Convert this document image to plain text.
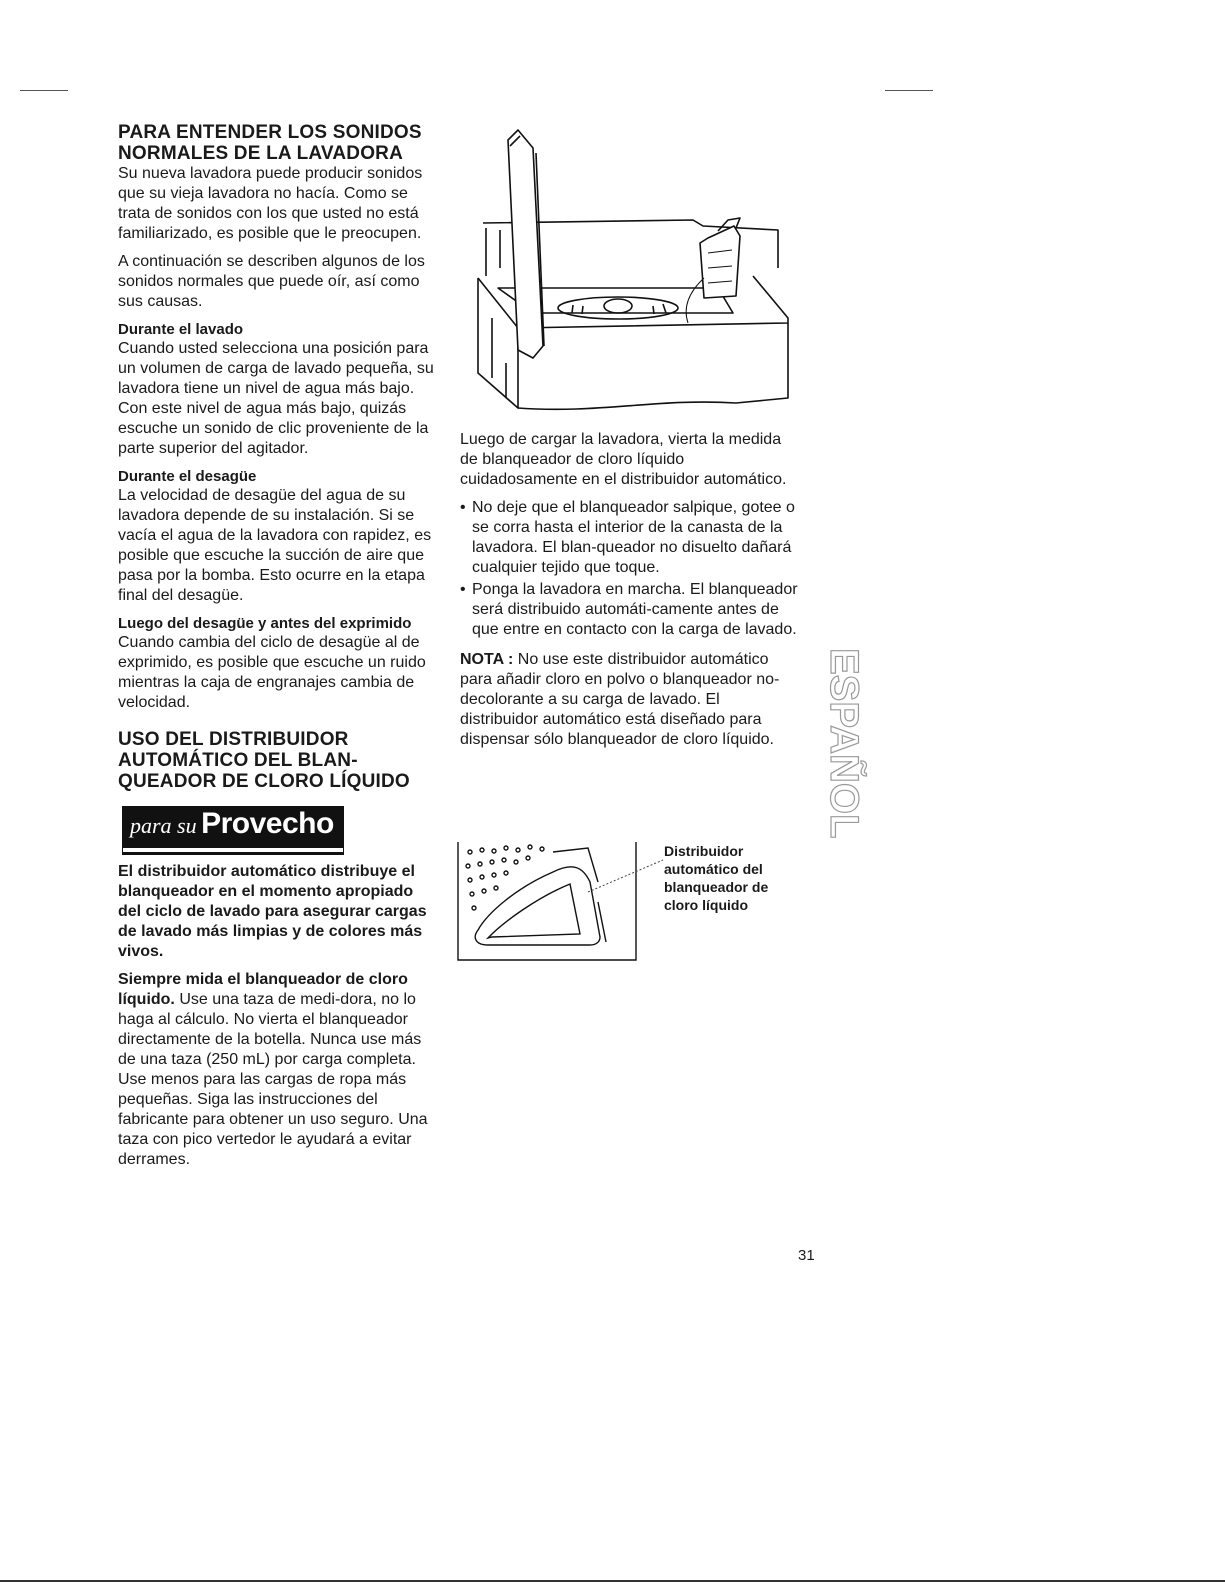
PARA ENTENDER LOS SONIDOS NORMALES DE LA LAVADORA

Su nueva lavadora puede producir sonidos que su vieja lavadora no hacía. Como se trata de sonidos con los que usted no está familiarizado, es posible que le preocupen.

A continuación se describen algunos de los sonidos normales que puede oír, así como sus causas.

Durante el lavado

Cuando usted selecciona una posición para un volumen de carga de lavado pequeña, su lavadora tiene un nivel de agua más bajo. Con este nivel de agua más bajo, quizás escuche un sonido de clic proveniente de la parte superior del agitador.

Durante el desagüe

La velocidad de desagüe del agua de su lavadora depende de su instalación. Si se vacía el agua de la lavadora con rapidez, es posible que escuche la succión de aire que pasa por la bomba. Esto ocurre en la etapa final del desagüe.

Luego del desagüe y antes del exprimido

Cuando cambia del ciclo de desagüe al de exprimido, es posible que escuche un ruido mientras la caja de engranajes cambia de velocidad.

USO DEL DISTRIBUIDOR AUTOMÁTICO DEL BLAN-QUEADOR DE CLORO LÍQUIDO
para su Provecho

El distribuidor automático distribuye el blanqueador en el momento apropiado del ciclo de lavado para asegurar cargas de lavado más limpias y de colores más vivos.

Siempre mida el blanqueador de cloro líquido. Use una taza de medi-dora, no lo haga al cálculo. No vierta el blanqueador directamente de la botella. Nunca use más de una taza (250 mL) por carga completa. Use menos para las cargas de ropa más pequeñas. Siga las instrucciones del fabricante para obtener un uso seguro. Una taza con pico vertedor le ayudará a evitar derrames.

Luego de cargar la lavadora, vierta la medida de blanqueador de cloro líquido cuidadosamente en el distribuidor automático.

• No deje que el blanqueador salpique, gotee o se corra hasta el interior de la canasta de la lavadora. El blan-queador no disuelto dañará cualquier tejido que toque.
• Ponga la lavadora en marcha. El blanqueador será distribuido automáti-camente antes de que entre en contacto con la carga de lavado.

NOTA : No use este distribuidor automático para añadir cloro en polvo o blanqueador no-decolorante a su carga de lavado. El distribuidor automático está diseñado para dispensar sólo blanqueador de cloro líquido.

Distribuidor automático del blanqueador de cloro líquido
ESPAÑOL
31
